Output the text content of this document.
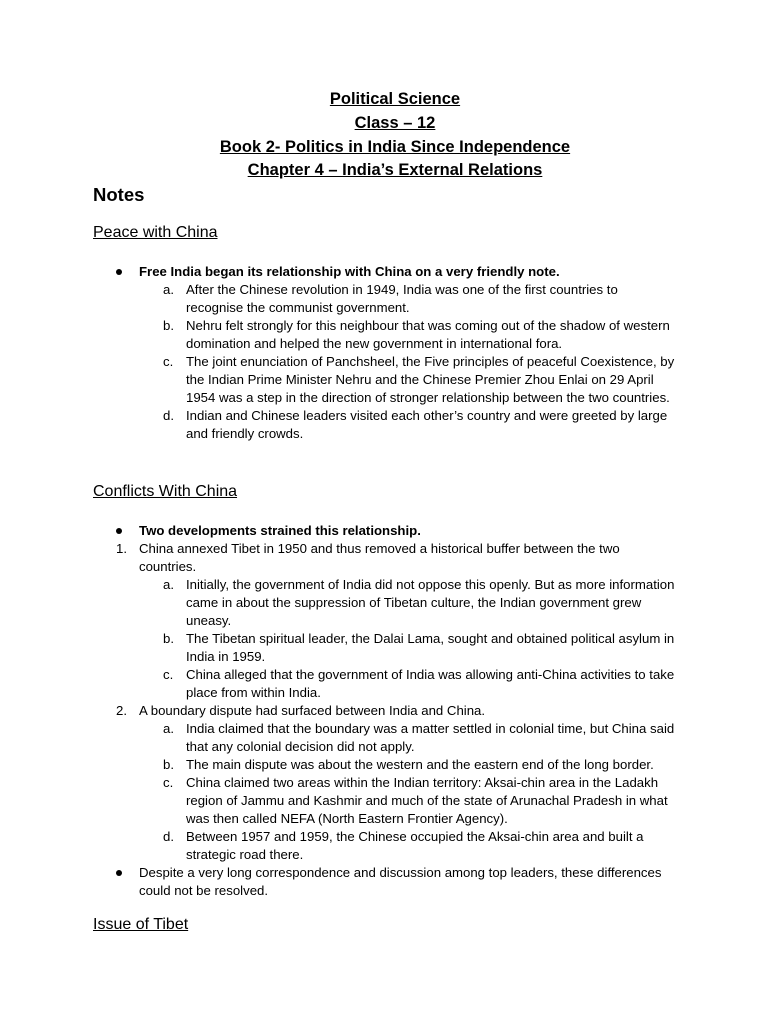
Political Science
Class – 12
Book 2- Politics in India Since Independence
Chapter 4 – India’s External Relations
Notes
Peace with China
Free India began its relationship with China on a very friendly note.
a. After the Chinese revolution in 1949, India was one of the first countries to recognise the communist government.
b. Nehru felt strongly for this neighbour that was coming out of the shadow of western domination and helped the new government in international fora.
c. The joint enunciation of Panchsheel, the Five principles of peaceful Coexistence, by the Indian Prime Minister Nehru and the Chinese Premier Zhou Enlai on 29 April 1954 was a step in the direction of stronger relationship between the two countries.
d. Indian and Chinese leaders visited each other’s country and were greeted by large and friendly crowds.
Conflicts With China
Two developments strained this relationship.
1. China annexed Tibet in 1950 and thus removed a historical buffer between the two countries.
a. Initially, the government of India did not oppose this openly. But as more information came in about the suppression of Tibetan culture, the Indian government grew uneasy.
b. The Tibetan spiritual leader, the Dalai Lama, sought and obtained political asylum in India in 1959.
c. China alleged that the government of India was allowing anti-China activities to take place from within India.
2. A boundary dispute had surfaced between India and China.
a. India claimed that the boundary was a matter settled in colonial time, but China said that any colonial decision did not apply.
b. The main dispute was about the western and the eastern end of the long border.
c. China claimed two areas within the Indian territory: Aksai-chin area in the Ladakh region of Jammu and Kashmir and much of the state of Arunachal Pradesh in what was then called NEFA (North Eastern Frontier Agency).
d. Between 1957 and 1959, the Chinese occupied the Aksai-chin area and built a strategic road there.
Despite a very long correspondence and discussion among top leaders, these differences could not be resolved.
Issue of Tibet
